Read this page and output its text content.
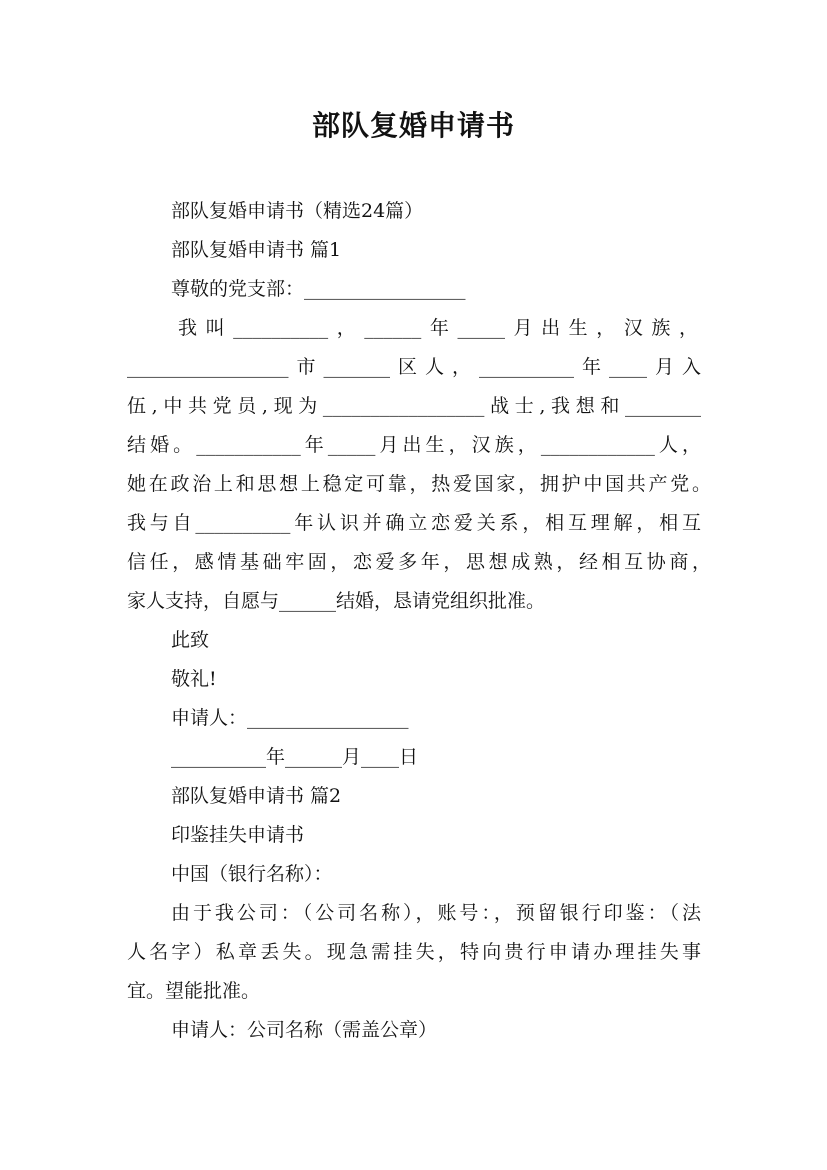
部队复婚申请书
部队复婚申请书（精选24篇）
部队复婚申请书 篇1
尊敬的党支部：_________________
我叫__________，______年_____月出生，汉族，
_________________市_______区人，__________年____月入
伍,中共党员,现为_________________战士,我想和________
结婚。___________年_____月出生，汉族，____________人，
她在政治上和思想上稳定可靠，热爱国家，拥护中国共产党。
我与自__________年认识并确立恋爱关系，相互理解，相互
信任，感情基础牢固，恋爱多年，思想成熟，经相互协商，
家人支持，自愿与______结婚，恳请党组织批准。
此致
敬礼!
申请人：_________________
__________年______月____日
部队复婚申请书 篇2
印鉴挂失申请书
中国（银行名称）：
由于我公司：（公司名称），账号：，预留银行印鉴：（法
人名字）私章丢失。现急需挂失，特向贵行申请办理挂失事
宜。望能批准。
申请人：公司名称（需盖公章）
